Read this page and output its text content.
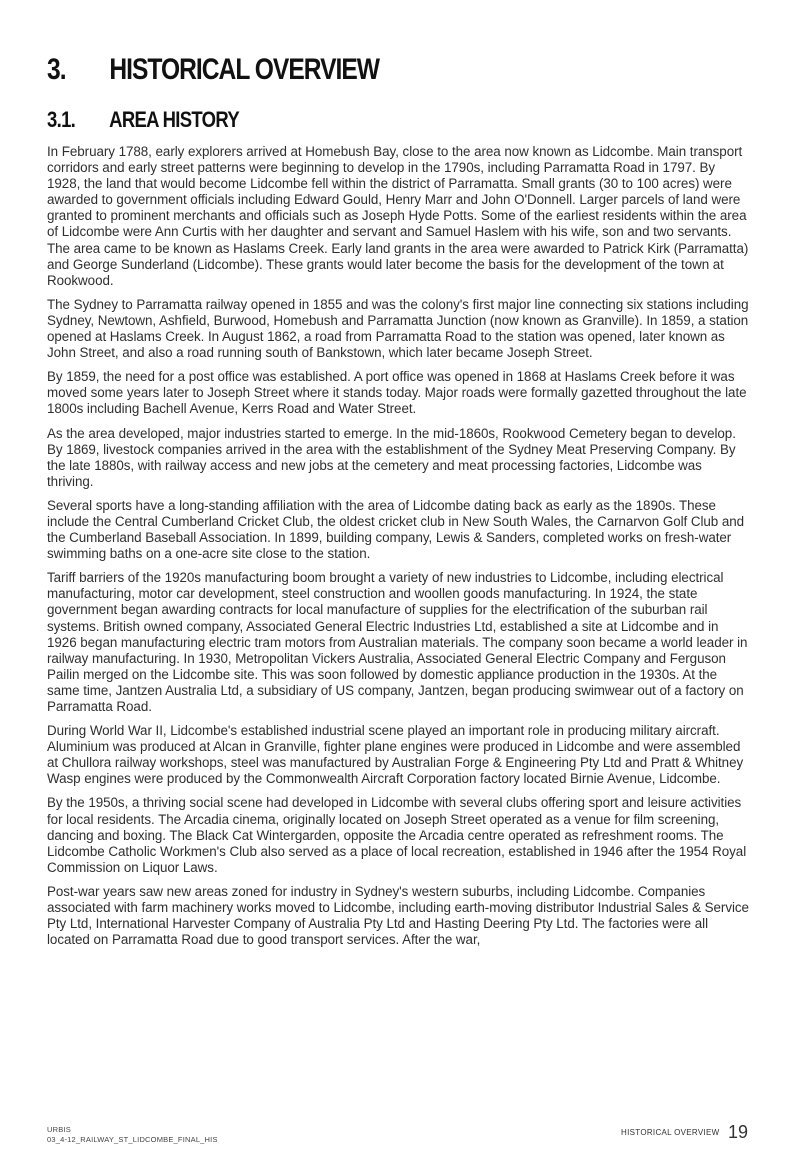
3. HISTORICAL OVERVIEW
3.1. AREA HISTORY

In February 1788, early explorers arrived at Homebush Bay, close to the area now known as Lidcombe. Main transport corridors and early street patterns were beginning to develop in the 1790s, including Parramatta Road in 1797. By 1928, the land that would become Lidcombe fell within the district of Parramatta. Small grants (30 to 100 acres) were awarded to government officials including Edward Gould, Henry Marr and John O'Donnell. Larger parcels of land were granted to prominent merchants and officials such as Joseph Hyde Potts. Some of the earliest residents within the area of Lidcombe were Ann Curtis with her daughter and servant and Samuel Haslem with his wife, son and two servants. The area came to be known as Haslams Creek. Early land grants in the area were awarded to Patrick Kirk (Parramatta) and George Sunderland (Lidcombe). These grants would later become the basis for the development of the town at Rookwood.

The Sydney to Parramatta railway opened in 1855 and was the colony's first major line connecting six stations including Sydney, Newtown, Ashfield, Burwood, Homebush and Parramatta Junction (now known as Granville). In 1859, a station opened at Haslams Creek. In August 1862, a road from Parramatta Road to the station was opened, later known as John Street, and also a road running south of Bankstown, which later became Joseph Street.

By 1859, the need for a post office was established. A port office was opened in 1868 at Haslams Creek before it was moved some years later to Joseph Street where it stands today. Major roads were formally gazetted throughout the late 1800s including Bachell Avenue, Kerrs Road and Water Street.

As the area developed, major industries started to emerge. In the mid-1860s, Rookwood Cemetery began to develop. By 1869, livestock companies arrived in the area with the establishment of the Sydney Meat Preserving Company. By the late 1880s, with railway access and new jobs at the cemetery and meat processing factories, Lidcombe was thriving.

Several sports have a long-standing affiliation with the area of Lidcombe dating back as early as the 1890s. These include the Central Cumberland Cricket Club, the oldest cricket club in New South Wales, the Carnarvon Golf Club and the Cumberland Baseball Association. In 1899, building company, Lewis & Sanders, completed works on fresh-water swimming baths on a one-acre site close to the station.

Tariff barriers of the 1920s manufacturing boom brought a variety of new industries to Lidcombe, including electrical manufacturing, motor car development, steel construction and woollen goods manufacturing. In 1924, the state government began awarding contracts for local manufacture of supplies for the electrification of the suburban rail systems. British owned company, Associated General Electric Industries Ltd, established a site at Lidcombe and in 1926 began manufacturing electric tram motors from Australian materials. The company soon became a world leader in railway manufacturing. In 1930, Metropolitan Vickers Australia, Associated General Electric Company and Ferguson Pailin merged on the Lidcombe site. This was soon followed by domestic appliance production in the 1930s. At the same time, Jantzen Australia Ltd, a subsidiary of US company, Jantzen, began producing swimwear out of a factory on Parramatta Road.

During World War II, Lidcombe's established industrial scene played an important role in producing military aircraft. Aluminium was produced at Alcan in Granville, fighter plane engines were produced in Lidcombe and were assembled at Chullora railway workshops, steel was manufactured by Australian Forge & Engineering Pty Ltd and Pratt & Whitney Wasp engines were produced by the Commonwealth Aircraft Corporation factory located Birnie Avenue, Lidcombe.

By the 1950s, a thriving social scene had developed in Lidcombe with several clubs offering sport and leisure activities for local residents. The Arcadia cinema, originally located on Joseph Street operated as a venue for film screening, dancing and boxing. The Black Cat Wintergarden, opposite the Arcadia centre operated as refreshment rooms. The Lidcombe Catholic Workmen's Club also served as a place of local recreation, established in 1946 after the 1954 Royal Commission on Liquor Laws.

Post-war years saw new areas zoned for industry in Sydney's western suburbs, including Lidcombe. Companies associated with farm machinery works moved to Lidcombe, including earth-moving distributor Industrial Sales & Service Pty Ltd, International Harvester Company of Australia Pty Ltd and Hasting Deering Pty Ltd. The factories were all located on Parramatta Road due to good transport services. After the war,

URBIS
03_4-12_RAILWAY_ST_LIDCOMBE_FINAL_HIS
HISTORICAL OVERVIEW 19
